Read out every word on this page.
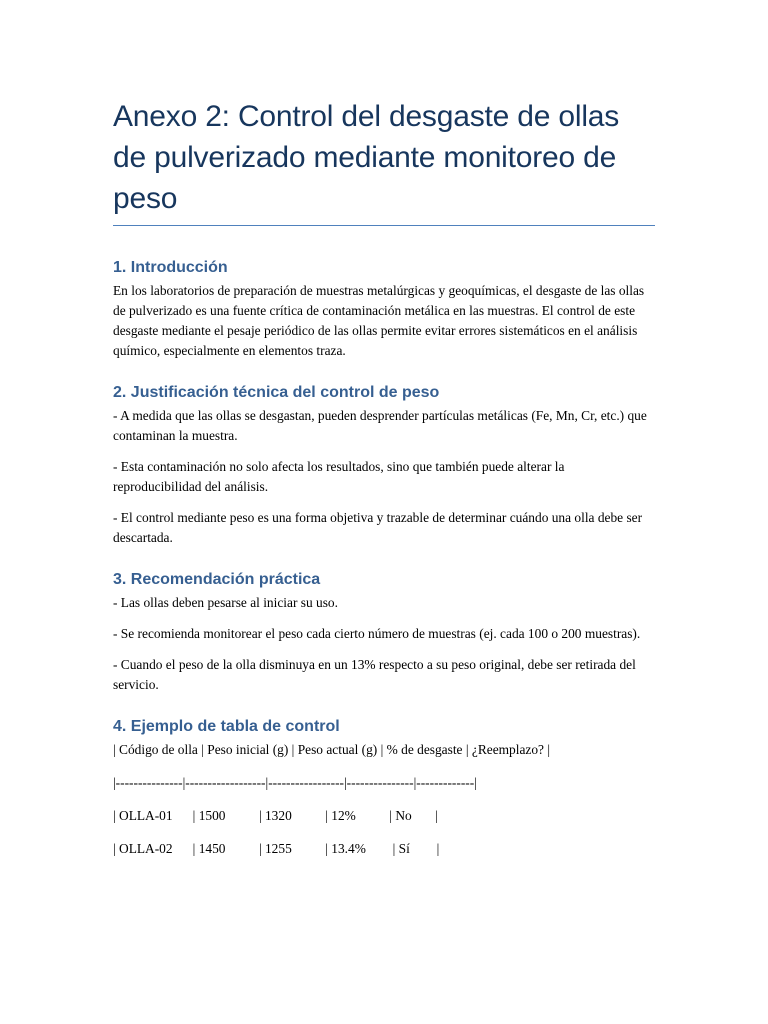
Anexo 2: Control del desgaste de ollas de pulverizado mediante monitoreo de peso
1. Introducción

En los laboratorios de preparación de muestras metalúrgicas y geoquímicas, el desgaste de las ollas de pulverizado es una fuente crítica de contaminación metálica en las muestras. El control de este desgaste mediante el pesaje periódico de las ollas permite evitar errores sistemáticos en el análisis químico, especialmente en elementos traza.

2. Justificación técnica del control de peso

- A medida que las ollas se desgastan, pueden desprender partículas metálicas (Fe, Mn, Cr, etc.) que contaminan la muestra.

- Esta contaminación no solo afecta los resultados, sino que también puede alterar la reproducibilidad del análisis.

- El control mediante peso es una forma objetiva y trazable de determinar cuándo una olla debe ser descartada.

3. Recomendación práctica

- Las ollas deben pesarse al iniciar su uso.

- Se recomienda monitorear el peso cada cierto número de muestras (ej. cada 100 o 200 muestras).

- Cuando el peso de la olla disminuya en un 13% respecto a su peso original, debe ser retirada del servicio.

4. Ejemplo de tabla de control

| Código de olla | Peso inicial (g) | Peso actual (g) | % de desgaste | ¿Reemplazo? |

|---------------|------------------|-----------------|---------------|-------------|

| OLLA-01      | 1500          | 1320          | 12%          | No       |

| OLLA-02      | 1450          | 1255          | 13.4%        | Sí        |
